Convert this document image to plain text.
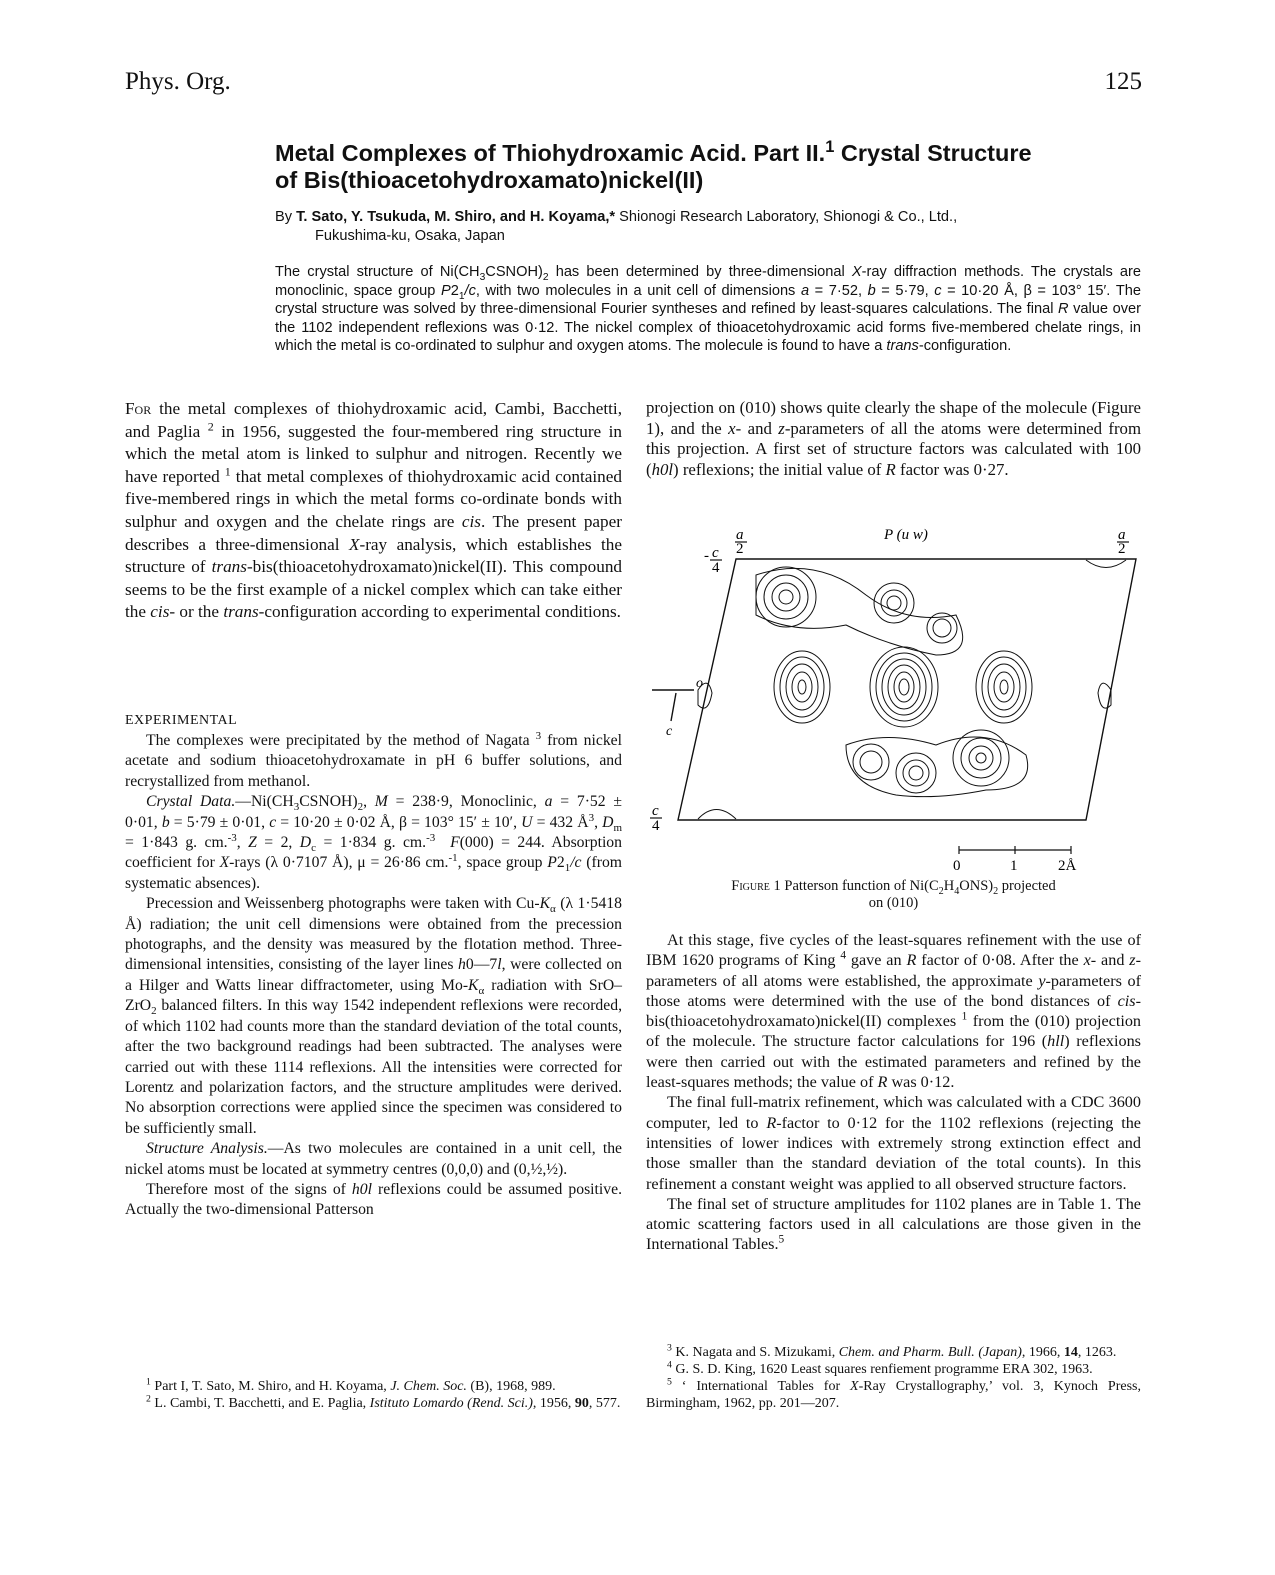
Phys. Org.	125
Metal Complexes of Thiohydroxamic Acid. Part II.$^1$ Crystal Structure
of Bis(thioacetohydroxamato)nickel(II)
By T. Sato, Y. Tsukuda, M. Shiro, and H. Koyama,* Shionogi Research Laboratory, Shionogi & Co., Ltd.,
Fukushima-ku, Osaka, Japan
The crystal structure of $Ni(CH_3CSNOH)_2$ has been determined by three-dimensional X-ray diffraction methods. The crystals are monoclinic, space group $P2_1/c$, with two molecules in a unit cell of dimensions a = 7·52, b = 5·79, c = 10·20 Å, β = 103° 15′. The crystal structure was solved by three-dimensional Fourier syntheses and refined by least-squares calculations. The final R value over the 1102 independent reflexions was 0·12. The nickel complex of thioacetohydroxamic acid forms five-membered chelate rings, in which the metal is co-ordinated to sulphur and oxygen atoms. The molecule is found to have a trans-configuration.

For the metal complexes of thiohydroxamic acid, Cambi, Bacchetti, and Paglia $^2$ in 1956, suggested the four-membered ring structure in which the metal atom is linked to sulphur and nitrogen. Recently we have reported $^1$ that metal complexes of thiohydroxamic acid contained five-membered rings in which the metal forms co-ordinate bonds with sulphur and oxygen and the chelate rings are cis. The present paper describes a three-dimensional X-ray analysis, which establishes the structure of trans-bis(thioacetohydroxamato)nickel(II). This compound seems to be the first example of a nickel complex which can take either the cis- or the trans-configuration according to experimental conditions.

EXPERIMENTAL

The complexes were precipitated by the method of Nagata $^3$ from nickel acetate and sodium thioacetohydroxamate in pH 6 buffer solutions, and recrystallized from methanol.

Crystal $Data.—Ni(CH_3CSNOH)_2$, M = 238·9, Monoclinic, a = 7·52 ± 0·01, b = 5·79 ± 0·01, c = 10·20 ± 0·02 Å, β = 103° 15′ ± 10′, U = 432 $Å^3$, $D_m = 1\cdot 843$ g. cm.$^{-3}$, Z = 2, $D_c = 1\cdot 834$ g. cm.$^{-3}$ F(000) = 244. Absorption coefficient for X-rays (λ 0·7107 Å), μ = 26·86 cm.$^{-1}$, space group $P2_1/c$ (from systematic absences).

Precession and Weissenberg photographs were taken with $Cu-K_\alpha$ (λ 1·5418 Å) radiation; the unit cell dimensions were obtained from the precession photographs, and the density was measured by the flotation method. Three-dimensional intensities, consisting of the layer lines h0—7l, were collected on a Hilger and Watts linear diffractometer, using $Mo-K_\alpha$ radiation with SrO–ZrO$_2$ balanced filters. In this way 1542 independent reflexions were recorded, of which 1102 had counts more than the standard deviation of the total counts, after the two background readings had been subtracted. The analyses were carried out with these 1114 reflexions. All the intensities were corrected for Lorentz and polarization factors, and the structure amplitudes were derived. No absorption corrections were applied since the specimen was considered to be sufficiently small.

Structure Analysis.—As two molecules are contained in a unit cell, the nickel atoms must be located at symmetry centres (0,0,0) and (0,½,½).

Therefore most of the signs of h0l reflexions could be assumed positive. Actually the two-dimensional Patterson

$^1$ Part I, T. Sato, M. Shiro, and H. Koyama, J. Chem. Soc. (B), 1968, 989.

$^2$ L. Cambi, T. Bacchetti, and E. Paglia, Istituto Lomardo (Rend. Sci.), 1956, 90, 577.

projection on (010) shows quite clearly the shape of the molecule (Figure 1), and the x- and z-parameters of all the atoms were determined from this projection. A first set of structure factors was calculated with 100 (h0l) reflexions; the initial value of R factor was 0·27.

a
2
- c
4
P (u w)	a
2
o
c
c
4
0	1	2Å
Figure 1 Patterson function of $Ni(C_2H_4ONS)_2$ projected
on (010)

At this stage, five cycles of the least-squares refinement with the use of IBM 1620 programs of King $^4$ gave an R factor of 0·08. After the x- and z-parameters of all atoms were established, the approximate y-parameters of those atoms were determined with the use of the bond distances of cis-bis(thioacetohydroxamato)nickel(II) complexes $^1$ from the (010) projection of the molecule. The structure factor calculations for 196 (hll) reflexions were then carried out with the estimated parameters and refined by the least-squares methods; the value of R was 0·12.

The final full-matrix refinement, which was calculated with a CDC 3600 computer, led to R-factor to 0·12 for the 1102 reflexions (rejecting the intensities of lower indices with extremely strong extinction effect and those smaller than the standard deviation of the total counts). In this refinement a constant weight was applied to all observed structure factors.

The final set of structure amplitudes for 1102 planes are in Table 1. The atomic scattering factors used in all calculations are those given in the International Tables.$^5$

$^3$ K. Nagata and S. Mizukami, Chem. and Pharm. Bull. (Japan), 1966, 14, 1263.

$^4$ G. S. D. King, 1620 Least squares renfiement programme ERA 302, 1963.

$^5$ ‘ International Tables for X-Ray Crystallography,’ vol. 3, Kynoch Press, Birmingham, 1962, pp. 201—207.
